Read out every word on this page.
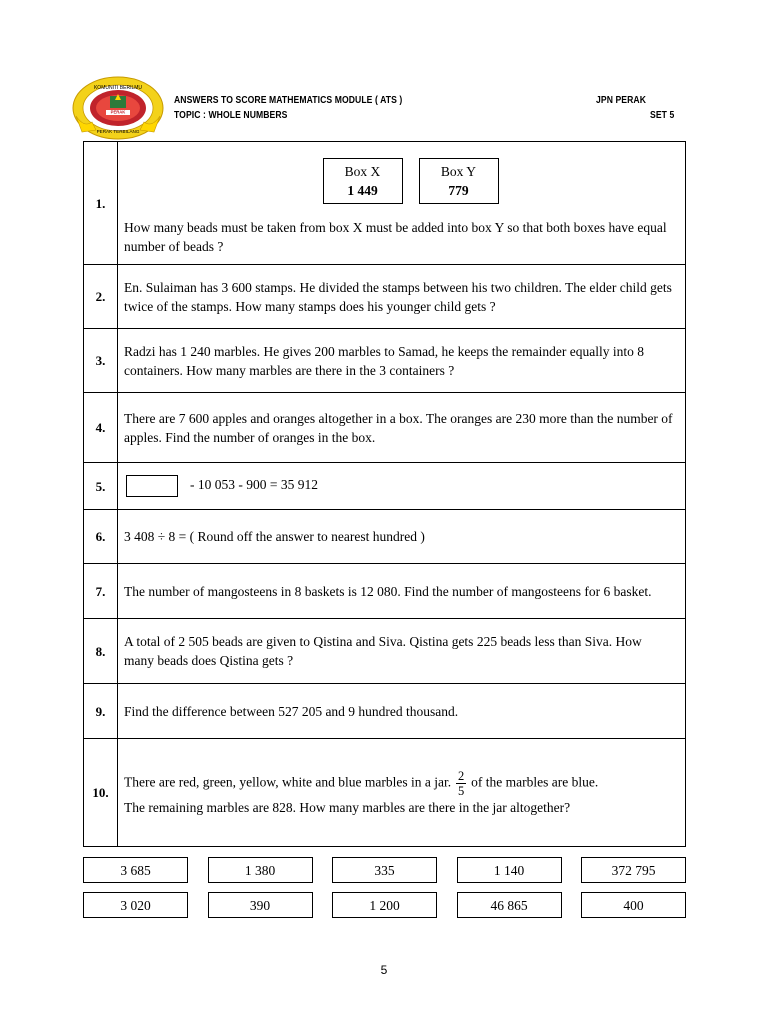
KOMUNITI BERILMU
PERAK
PERAK TERBILANG
ANSWERS TO SCORE MATHEMATICS MODULE ( ATS )
TOPIC : WHOLE NUMBERS
JPN PERAK
SET 5
1.	Box X
1 449
Box Y
779
How many beads must be taken from box X must be added into box Y so that both boxes have equal number of beads ?

2.	En. Sulaiman has 3 600 stamps. He divided the stamps between his two children. The elder child gets twice of the stamps. How many stamps does his younger child gets ?
3.	Radzi has 1 240 marbles. He gives 200 marbles to Samad, he keeps the remainder equally into 8 containers. How many marbles are there in the 3 containers ?
4.	There are 7 600 apples and oranges altogether in a box. The oranges are 230 more than the number of apples. Find the number of oranges in the box.
5.	- 10 053 - 900 = 35 912
6.	3 408 ÷ 8 = ( Round off the answer to nearest hundred )
7.	The number of mangosteens in 8 baskets is 12 080. Find the number of mangosteens for 6 basket.
8.	A total of 2 505 beads are given to Qistina and Siva. Qistina gets 225 beads less than Siva. How many beads does Qistina gets ?
9.	Find the difference between 527 205 and 9 hundred thousand.
10.	There are red, green, yellow, white and blue marbles in a jar. $\frac{2}{5}$ of the marbles are blue.
The remaining marbles are 828. How many marbles are there in the jar altogether?
3 685	1 380	335	1 140	372 795
3 020	390	1 200	46 865	400
5
